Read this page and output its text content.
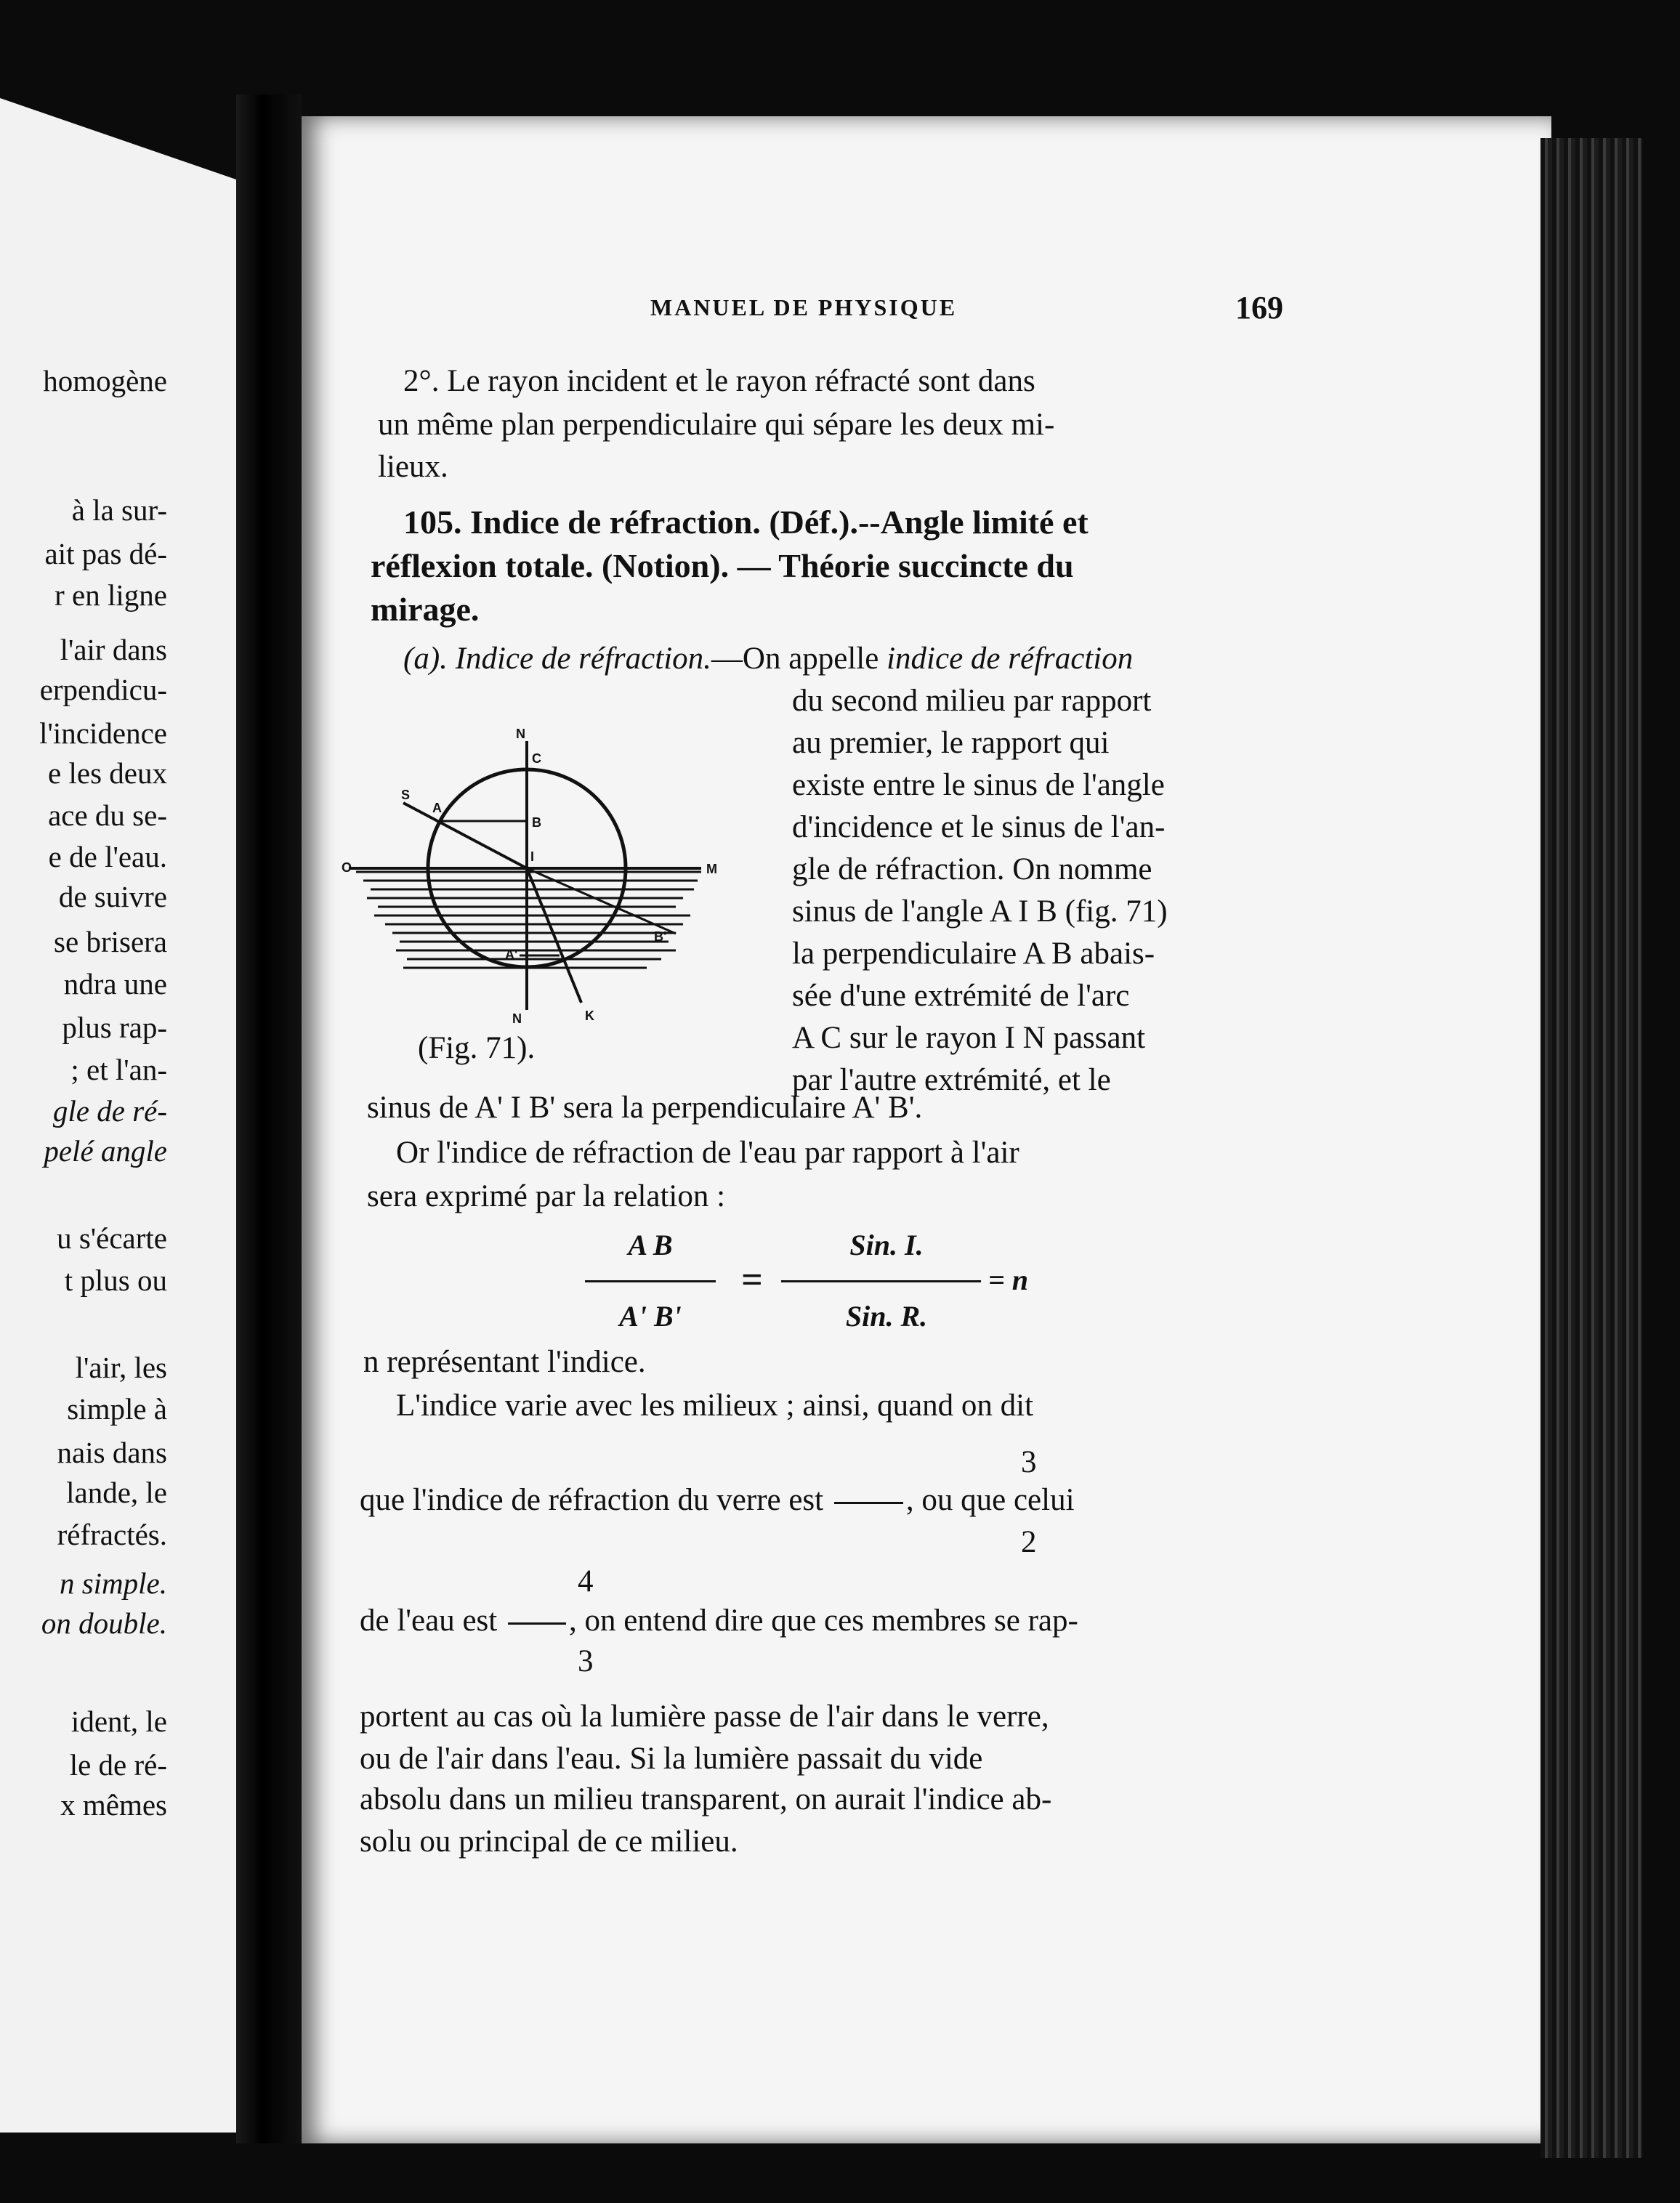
homogène
à la sur-
ait pas dé-
r en ligne
l'air dans
erpendicu-
l'incidence
e les deux
ace du se-
e de l'eau.
de suivre
se brisera
ndra une
plus rap-
; et l'an-
gle de ré-
pelé angle
u s'écarte
t plus ou
l'air, les
simple à
nais dans
lande, le
réfractés.
n simple.
on double.
ident, le
le de ré-
x mêmes
MANUEL DE PHYSIQUE	169
2°. Le rayon incident et le rayon réfracté sont dans
un même plan perpendiculaire qui sépare les deux mi-
lieux.
105. Indice de réfraction. (Déf.).--Angle limité et
réflexion totale. (Notion). — Théorie succincte du
mirage.
(a). Indice de réfraction.—On appelle indice de réfraction
du second milieu par rapport
au premier, le rapport qui
existe entre le sinus de l'angle
d'incidence et le sinus de l'an-
gle de réfraction. On nomme
sinus de l'angle A I B (fig. 71)
la perpendiculaire A B abais-
sée d'une extrémité de l'arc
A C sur le rayon I N passant
par l'autre extrémité, et le
N
C
S
A
B
O
I
M
B'
A'
N	K
(Fig. 71).
sinus de A' I B' sera la perpendiculaire A' B'.
Or l'indice de réfraction de l'eau par rapport à l'air
sera exprimé par la relation :
A B
A' B'
=
Sin. I.
Sin. R.
= n
n représentant l'indice.
L'indice varie avec les milieux ; ainsi, quand on dit
3
que l'indice de réfraction du verre est	, ou que celui
2
4
de l'eau est , on entend dire que ces membres se rap-
3
portent au cas où la lumière passe de l'air dans le verre,
ou de l'air dans l'eau. Si la lumière passait du vide
absolu dans un milieu transparent, on aurait l'indice ab-
solu ou principal de ce milieu.
